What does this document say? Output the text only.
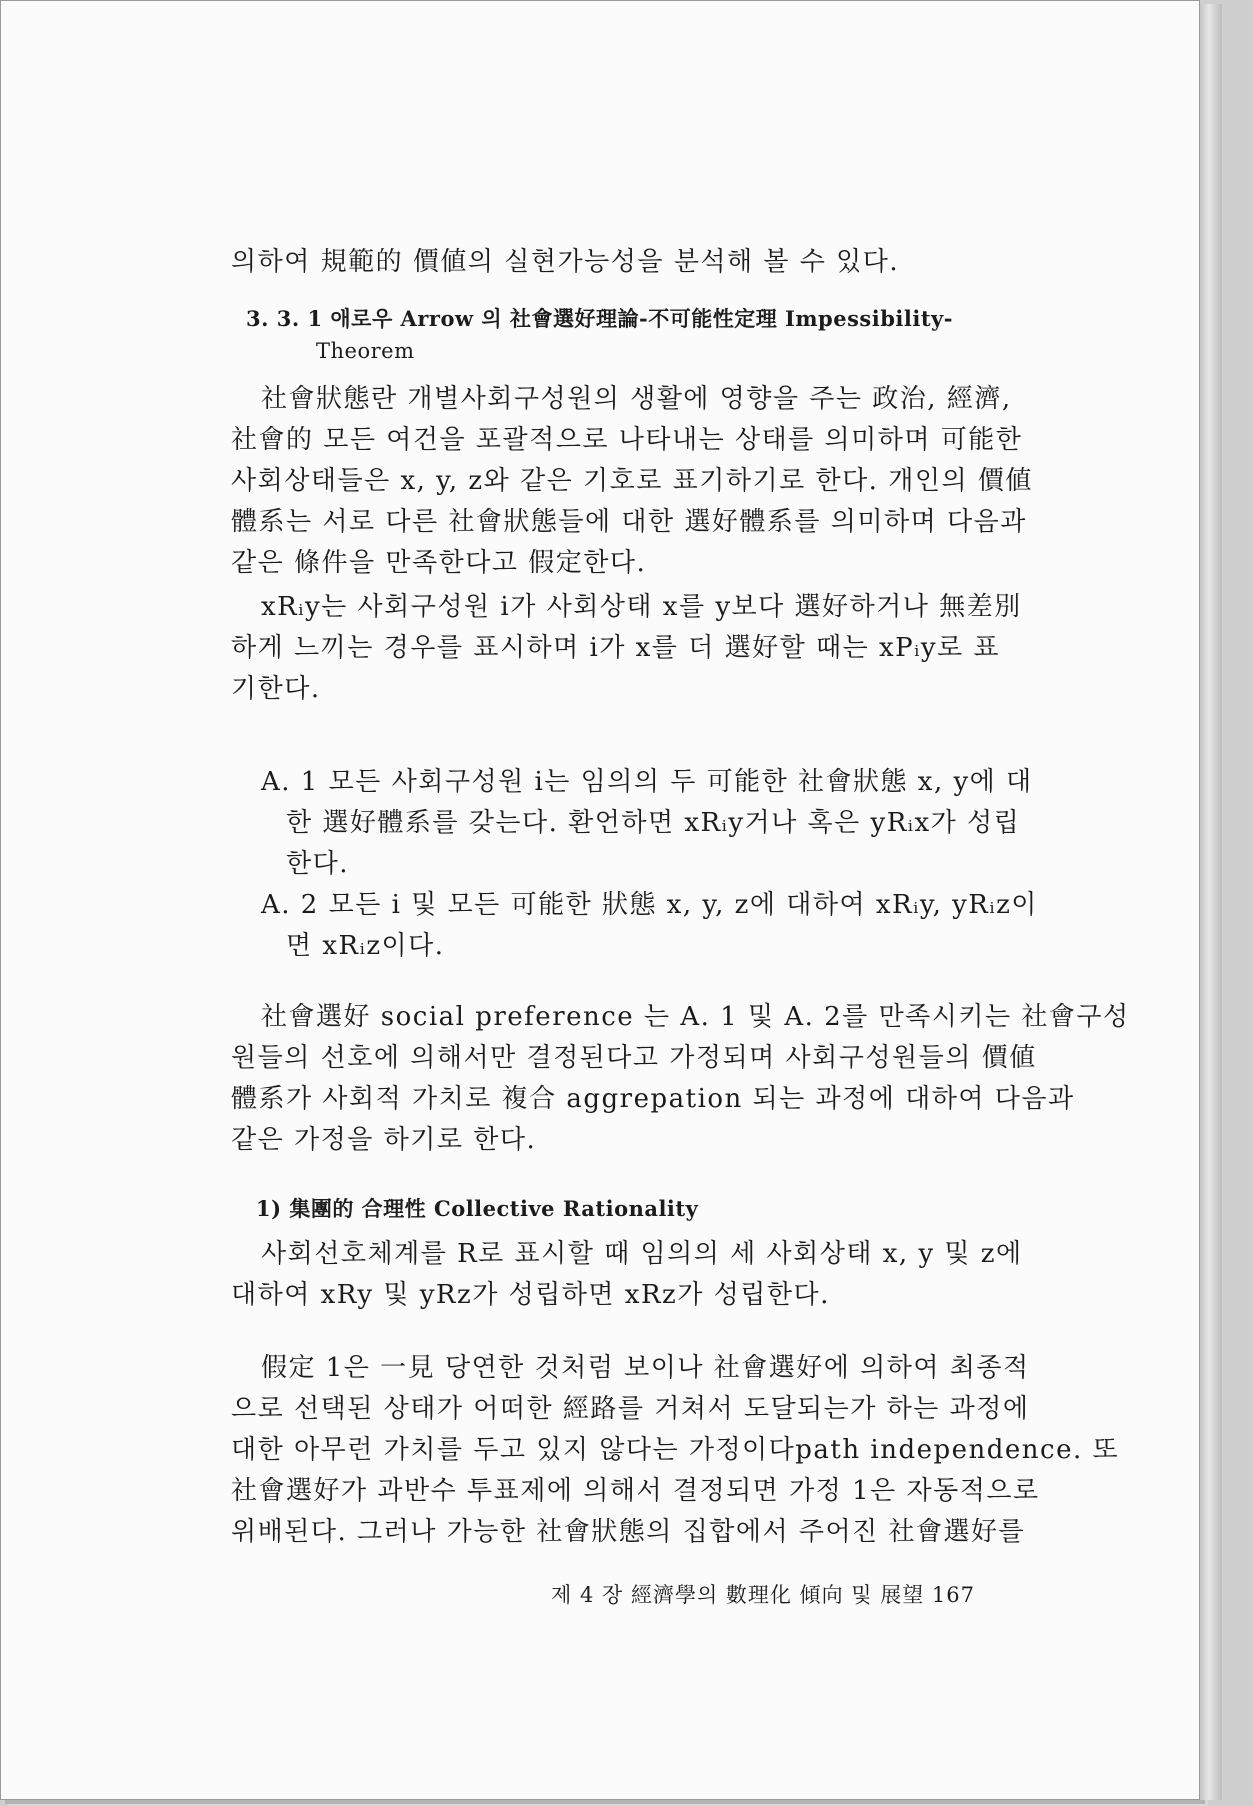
의하여 規範的 價値의 실현가능성을 분석해 볼 수 있다.
3. 3. 1 애로우 Arrow 의 社會選好理論-不可能性定理 Impessibility-
Theorem
社會狀態란 개별사회구성원의 생활에 영향을 주는 政治, 經濟,
社會的 모든 여건을 포괄적으로 나타내는 상태를 의미하며 可能한
사회상태들은 x, y, z와 같은 기호로 표기하기로 한다. 개인의 價値
體系는 서로 다른 社會狀態들에 대한 選好體系를 의미하며 다음과
같은 條件을 만족한다고 假定한다.
xRᵢy는 사회구성원 i가 사회상태 x를 y보다 選好하거나 無差別
하게 느끼는 경우를 표시하며 i가 x를 더 選好할 때는 xPᵢy로 표
기한다.
A. 1 모든 사회구성원 i는 임의의 두 可能한 社會狀態 x, y에 대
한 選好體系를 갖는다. 환언하면 xRᵢy거나 혹은 yRᵢx가 성립
한다.
A. 2 모든 i 및 모든 可能한 狀態 x, y, z에 대하여 xRᵢy, yRᵢz이
면 xRᵢz이다.
社會選好 social preference 는 A. 1 및 A. 2를 만족시키는 社會구성
원들의 선호에 의해서만 결정된다고 가정되며 사회구성원들의 價値
體系가 사회적 가치로 複合 aggrepation 되는 과정에 대하여 다음과
같은 가정을 하기로 한다.
1) 集團的 合理性 Collective Rationality
사회선호체계를 R로 표시할 때 임의의 세 사회상태 x, y 및 z에
대하여 xRy 및 yRz가 성립하면 xRz가 성립한다.
假定 1은 一見 당연한 것처럼 보이나 社會選好에 의하여 최종적
으로 선택된 상태가 어떠한 經路를 거쳐서 도달되는가 하는 과정에
대한 아무런 가치를 두고 있지 않다는 가정이다path independence. 또
社會選好가 과반수 투표제에 의해서 결정되면 가정 1은 자동적으로
위배된다. 그러나 가능한 社會狀態의 집합에서 주어진 社會選好를
제 4 장 經濟學의 數理化 傾向 및 展望 167
